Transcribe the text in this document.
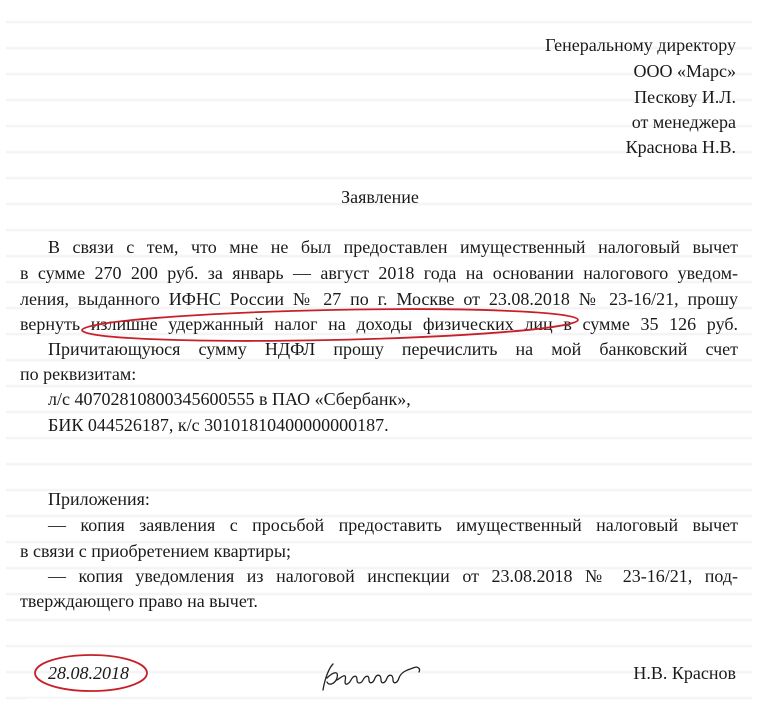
Генеральному директору
ООО «Марс»
Пескову И.Л.
от менеджера
Краснова Н.В.
Заявление
В связи с тем, что мне не был предоставлен имущественный налоговый вычет
в сумме 270 200 руб. за январь — август 2018 года на основании налогового уведом-
ления, выданного ИФНС России № 27 по г. Москве от 23.08.2018 № 23-16/21, прошу
вернуть излишне удержанный налог на доходы физических лиц в сумме 35 126 руб.
Причитающуюся сумму НДФЛ прошу перечислить на мой банковский счет
по реквизитам:
л/с 40702810800345600555 в ПАО «Сбербанк»,
БИК 044526187, к/с 30101810400000000187.
Приложения:
— копия заявления с просьбой предоставить имущественный налоговый вычет
в связи с приобретением квартиры;
— копия уведомления из налоговой инспекции от 23.08.2018 № 23-16/21, под-
тверждающего право на вычет.
28.08.2018	Н.В. Краснов
